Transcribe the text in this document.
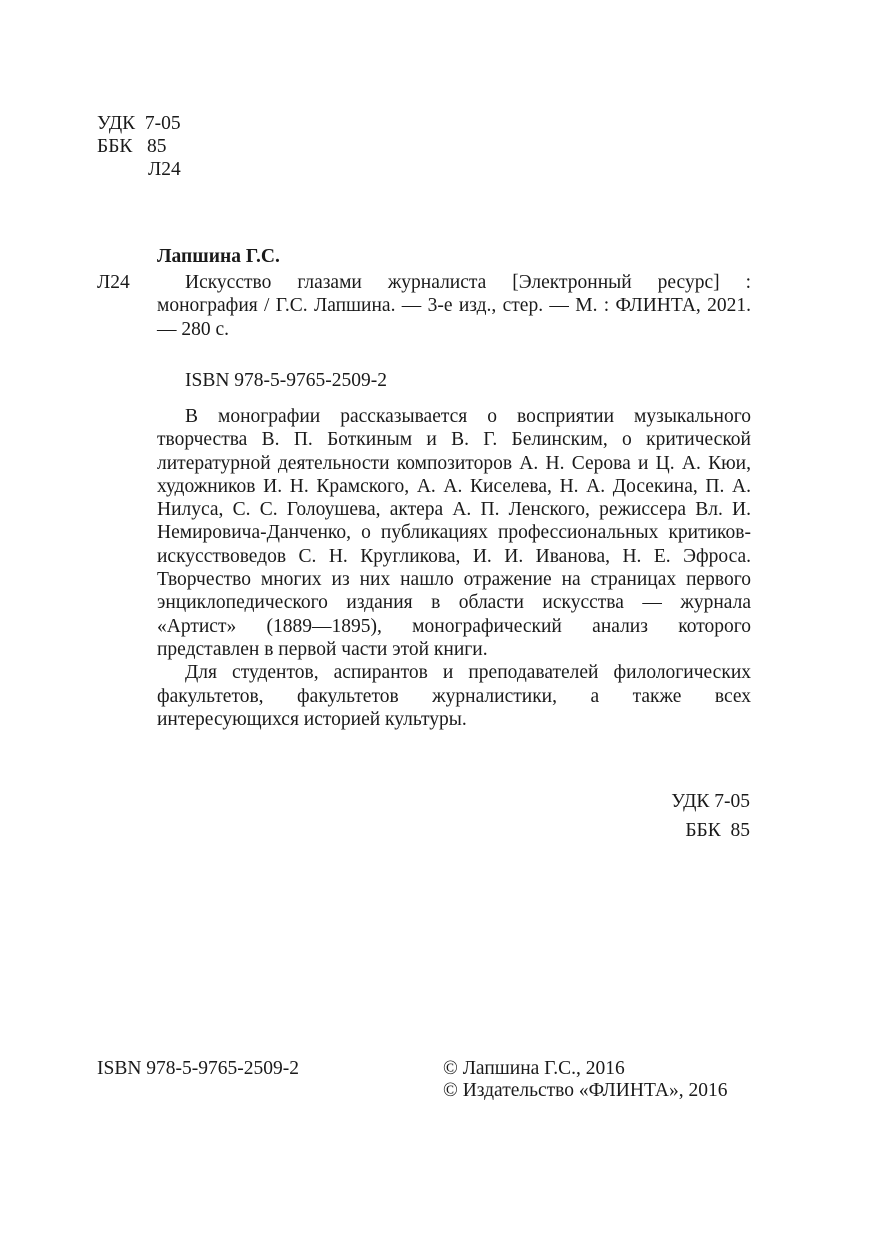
УДК  7-05
ББК   85
Л24
Лапшина Г.С.
Л24	Искусство глазами журналиста [Электронный ресурс] : монография / Г.С. Лапшина. — 3-е изд., стер. — М. : ФЛИНТА, 2021. — 280 с.
ISBN 978-5-9765-2509-2

В монографии рассказывается о восприятии музыкального творчества В. П. Боткиным и В. Г. Белинским, о критической литературной деятельности композиторов А. Н. Серова и Ц. А. Кюи, художников И. Н. Крамского, А. А. Киселева, Н. А. Досекина, П. А. Нилуса, С. С. Голоушева, актера А. П. Ленского, режиссера Вл. И. Немировича-Данченко, о публикациях профессиональных критиков-искусствоведов С. Н. Кругликова, И. И. Иванова, Н. Е. Эфроса. Творчество многих из них нашло отражение на страницах первого энциклопедического издания в области искусства — журнала «Артист» (1889—1895), монографический анализ которого представлен в первой части этой книги.

Для студентов, аспирантов и преподавателей филологических факультетов, факультетов журналистики, а также всех интересующихся историей культуры.

УДК 7-05
ББК  85
ISBN 978-5-9765-2509-2	© Лапшина Г.С., 2016
© Издательство «ФЛИНТА», 2016
